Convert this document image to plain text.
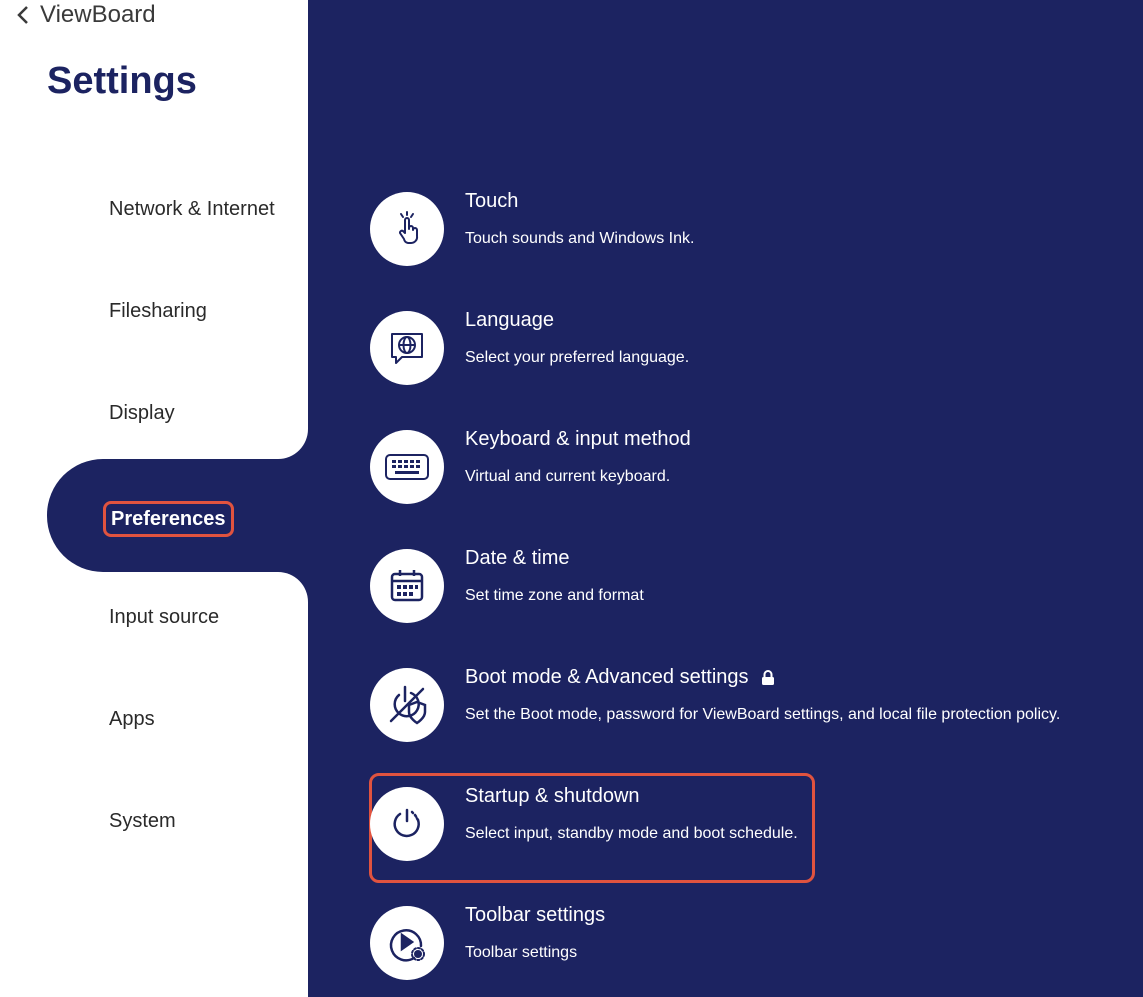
ViewBoard
Settings
Network & Internet
Filesharing
Display
Input source
Apps
System
Preferences
Touch
Touch sounds and Windows Ink.
Language
Select your preferred language.
Keyboard & input method
Virtual and current keyboard.
Date & time
Set time zone and format
Boot mode & Advanced settings
Set the Boot mode, password for ViewBoard settings, and local file protection policy.
Startup & shutdown
Select input, standby mode and boot schedule.
Toolbar settings
Toolbar settings
